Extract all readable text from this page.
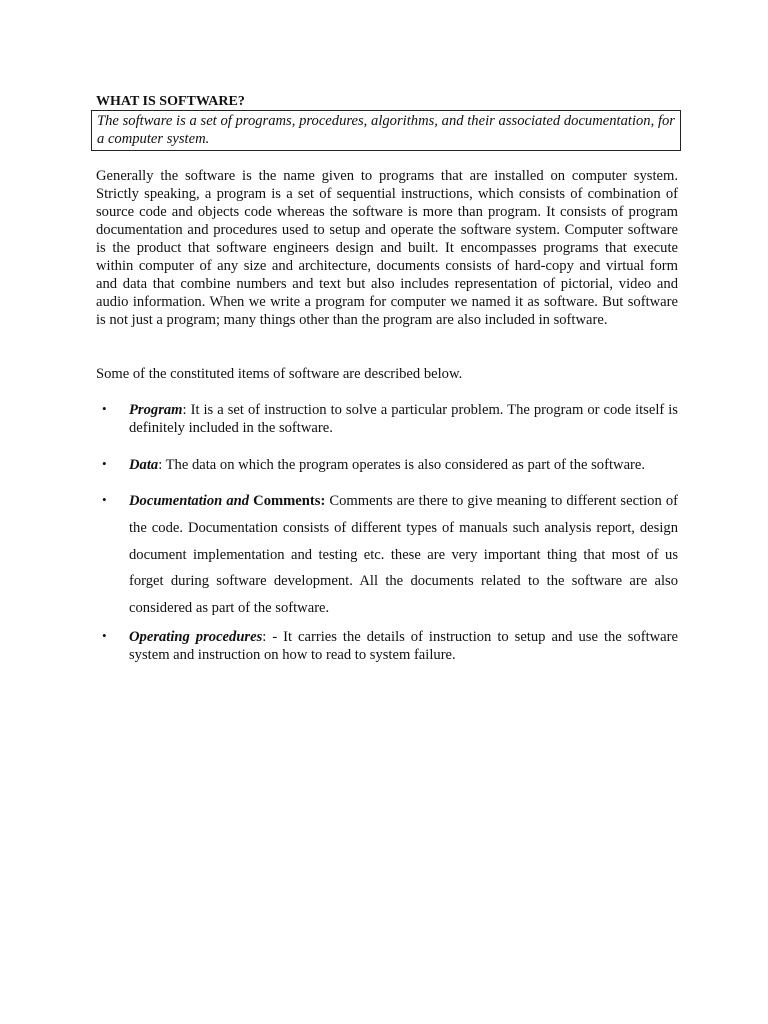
WHAT IS SOFTWARE?
The software is a set of programs, procedures, algorithms, and their associated documentation, for a computer system.

Generally the software is the name given to programs that are installed on computer system. Strictly speaking, a program is a set of sequential instructions, which consists of combination of source code and objects code whereas the software is more than program. It consists of program documentation and procedures used to setup and operate the software system. Computer software is the product that software engineers design and built. It encompasses programs that execute within computer of any size and architecture, documents consists of hard-copy and virtual form and data that combine numbers and text but also includes representation of pictorial, video and audio information. When we write a program for computer we named it as software. But software is not just a program; many things other than the program are also included in software.

Some of the constituted items of software are described below.

• Program: It is a set of instruction to solve a particular problem. The program or code itself is definitely included in the software.
• Data: The data on which the program operates is also considered as part of the software.
• Documentation and Comments: Comments are there to give meaning to different section of the code. Documentation consists of different types of manuals such analysis report, design document implementation and testing etc. these are very important thing that most of us forget during software development. All the documents related to the software are also considered as part of the software.
• Operating procedures: - It carries the details of instruction to setup and use the software system and instruction on how to read to system failure.
